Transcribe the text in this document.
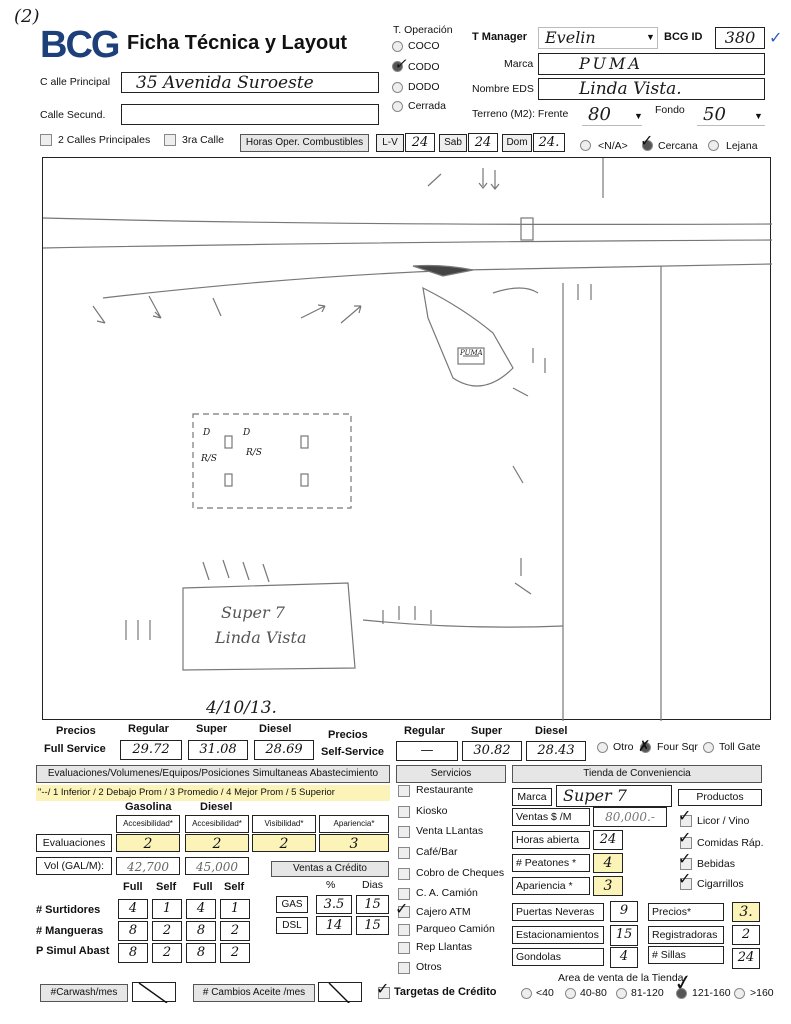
(2)
BCG Ficha Técnica y Layout
C alle Principal	35 Avenida Suroeste
Calle Secund.
2 Calles Principales	3ra Calle	Horas Oper. Combustibles	L-V	24	Sab 24	Dom 24.
T. Operación
COCO
✓ CODO
DODO
Cerrada
T Manager	Evelin	▼ BCG ID	380 ✓
Marca	PUMA
Nombre EDS	Linda Vista.
Terreno (M2): Frente	80	▼ Fondo	50	▼
<N/A> ✓ Cercana	Lejana
PUMA
D	D
R/S
R/S
Super 7
Linda Vista
4/10/13.
Precios
Full Service
Regular Super	Diesel
29.72	31.08	28.69
Precios
Self-Service
Regular Super	Diesel
—	30.82	28.43	Otro ✗ Four Sqr Toll Gate
Evaluaciones/Volumenes/Equipos/Posiciones Simultaneas Abastecimiento
"--/ 1 Inferior / 2 Debajo Prom / 3 Promedio / 4 Mejor Prom / 5 Superior
Gasolina	Diesel
Accesibilidad*	Accesibilidad*	Visibilidad*	Apariencia*
Evaluaciones	2	2	2	3
Vol (GAL/M):	42,700	45,000	Ventas a Crédito
%	Dias
Full Self Full Self
GAS	3.5	15
DSL	14	15
# Surtidores	4	1	4	1
# Mangueras	8	2	8	2
P Simul Abast	8	2	8	2
#Carwash/mes	# Cambios Aceite /mes
Servicios
Restaurante
Kiosko
Venta LLantas
Café/Bar
Cobro de Cheques
C. A. Camión
✓ Cajero ATM
Parqueo Camión
Rep Llantas
Otros
✓ Targetas de Crédito
Tienda de Conveniencia
Marca	Super 7	Productos
Ventas $ /M	80,000.-
Horas abierta	24
# Peatones *	4
Apariencia *	3
✓ Licor / Vino
✓ Comidas Ráp.
✓ Bebidas
✓ Cigarrillos
Puertas Neveras	9	Precios*	3.
Estacionamientos	15	Registradoras	2
Gondolas	4	# Sillas	24
Area de venta de la Tienda
<40 40-80 81-120 ✓
121-160 >160
